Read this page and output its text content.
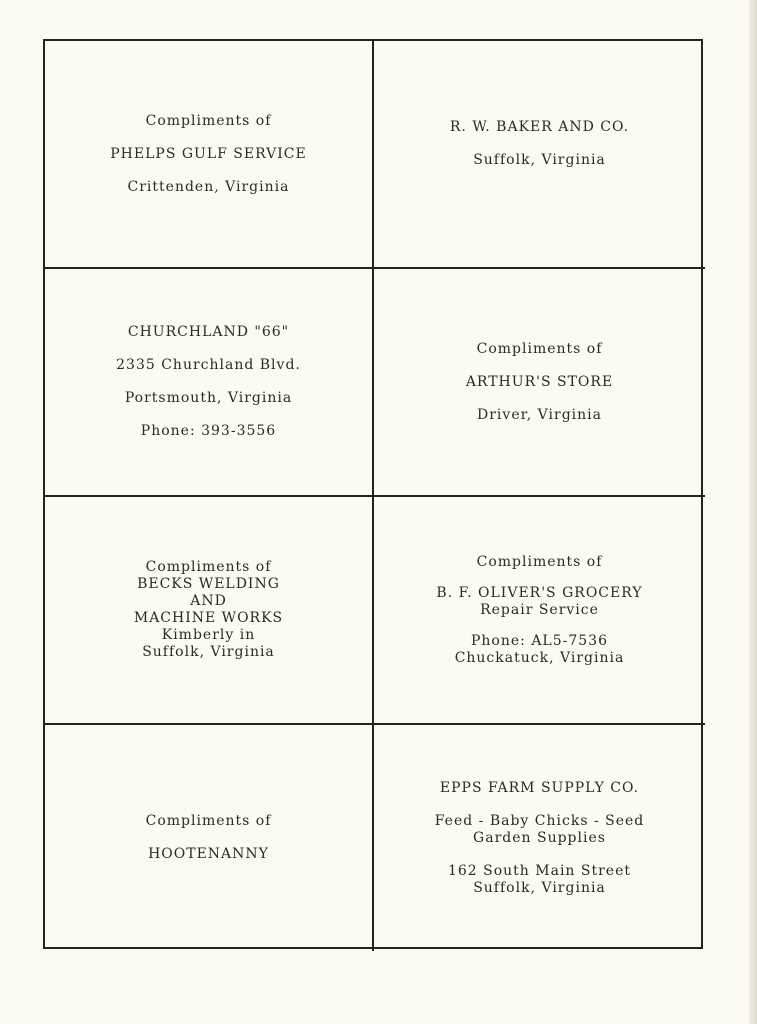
Compliments of
PHELPS GULF SERVICE
Crittenden, Virginia
R. W. BAKER AND CO.
Suffolk, Virginia
CHURCHLAND "66"
2335 Churchland Blvd.
Portsmouth, Virginia
Phone: 393-3556
Compliments of
ARTHUR'S STORE
Driver, Virginia
Compliments of
BECKS WELDING
AND
MACHINE WORKS
Kimberly in
Suffolk, Virginia
Compliments of
B. F. OLIVER'S GROCERY
Repair Service
Phone: AL5-7536
Chuckatuck, Virginia
Compliments of
HOOTENANNY
EPPS FARM SUPPLY CO.
Feed - Baby Chicks - Seed
Garden Supplies
162 South Main Street
Suffolk, Virginia
